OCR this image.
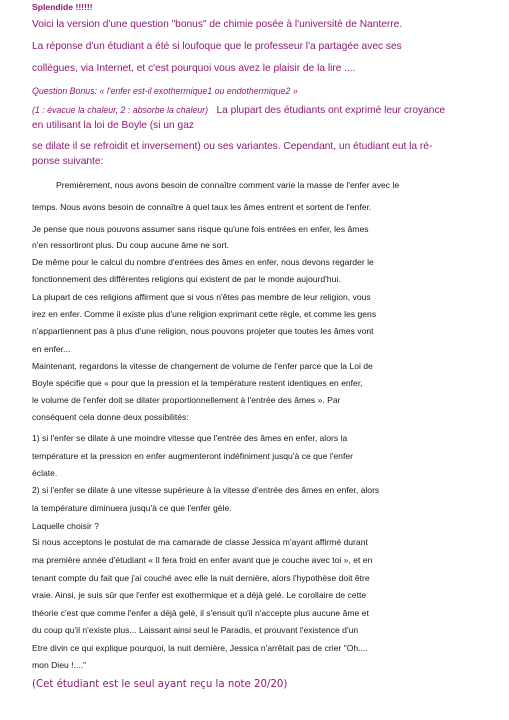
Splendide !!!!!!
Voici la version d'une question "bonus" de chimie posée à l'université de Nanterre.
La réponse d'un étudiant a été si loufoque que le professeur l'a partagée avec ses
collègues, via Internet, et c'est pourquoi vous avez le plaisir de la lire ....
Question Bonus: « l'enfer est-il exothermique1 ou endothermique2 »
(1 : évacue la chaleur, 2 : absorbe la chaleur) La plupart des étudiants ont exprimé leur croyance
en utilisant la loi de Boyle (si un gaz
se dilate il se refroidit et inversement) ou ses variantes. Cependant, un étudiant eut la ré-
ponse suivante:
Premièrement, nous avons besoin de connaître comment varie la masse de l'enfer avec le
temps. Nous avons besoin de connaître à quel taux les âmes entrent et sortent de l'enfer.
Je pense que nous pouvons assumer sans risque qu'une fois entrées en enfer, les âmes
n'en ressortiront plus. Du coup aucune âme ne sort.
De même pour le calcul du nombre d'entrées des âmes en enfer, nous devons regarder le
fonctionnement des différentes religions qui existent de par le monde aujourd'hui.
La plupart de ces religions affirment que si vous n'êtes pas membre de leur religion, vous
irez en enfer. Comme il existe plus d'une religion exprimant cette règle, et comme les gens
n'appartiennent pas à plus d'une religion, nous pouvons projeter que toutes les âmes vont
en enfer...
Maintenant, regardons la vitesse de changement de volume de l'enfer parce que la Loi de
Boyle spécifie que « pour que la pression et la température restent identiques en enfer,
le volume de l'enfer doit se dilater proportionnellement à l'entrée des âmes ». Par
conséquent cela donne deux possibilités:
1) si l'enfer se dilate à une moindre vitesse que l'entrée des âmes en enfer, alors la
température et la pression en enfer augmenteront indéfiniment jusqu'à ce que l'enfer
éclate.
2) si l'enfer se dilate à une vitesse supérieure à la vitesse d'entrée des âmes en enfer, alors
la température diminuera jusqu'à ce que l'enfer gèle.
Laquelle choisir ?
Si nous acceptons le postulat de ma camarade de classe Jessica m'ayant affirmé durant
ma première année d'étudiant « Il fera froid en enfer avant que je couche avec toi », et en
tenant compte du fait que j'ai couché avec elle la nuit dernière, alors l'hypothèse doit être
vraie. Ainsi, je suis sûr que l'enfer est exothermique et a déjà gelé. Le corollaire de cette
théorie c'est que comme l'enfer a déjà gelé, il s'ensuit qu'il n'accepte plus aucune âme et
du coup qu'il n'existe plus... Laissant ainsi seul le Paradis, et prouvant l'existence d'un
Etre divin ce qui explique pourquoi, la nuit dernière, Jessica n'arrêtait pas de crier "Oh....
mon Dieu !...."
(Cet étudiant est le seul ayant reçu la note 20/20)
